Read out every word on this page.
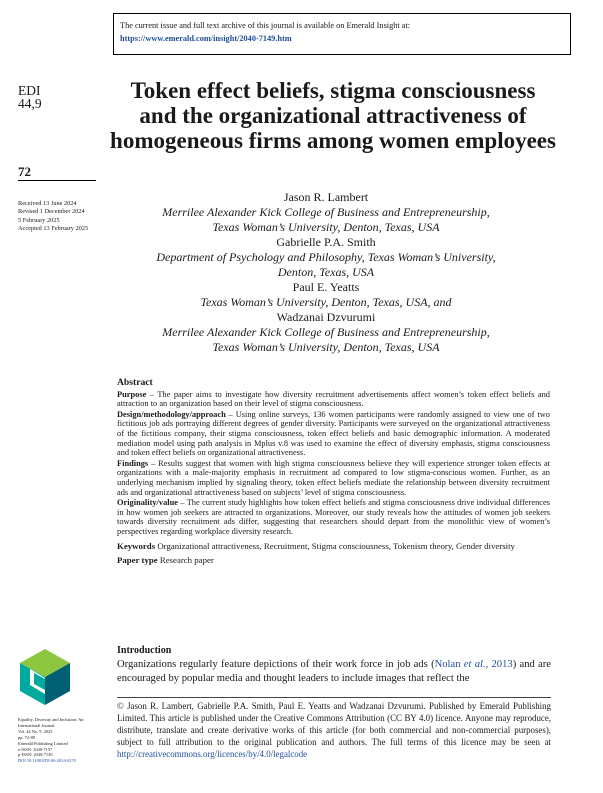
The current issue and full text archive of this journal is available on Emerald Insight at:
https://www.emerald.com/insight/2040-7149.htm
EDI
44,9
72
Received 13 June 2024
Revised 1 December 2024
5 February 2025
Accepted 13 February 2025
Token effect beliefs, stigma consciousness and the organizational attractiveness of homogeneous firms among women employees
Jason R. Lambert
Merrilee Alexander Kick College of Business and Entrepreneurship,
Texas Woman’s University, Denton, Texas, USA
Gabrielle P.A. Smith
Department of Psychology and Philosophy, Texas Woman’s University,
Denton, Texas, USA
Paul E. Yeatts
Texas Woman’s University, Denton, Texas, USA, and
Wadzanai Dzvurumi
Merrilee Alexander Kick College of Business and Entrepreneurship,
Texas Woman’s University, Denton, Texas, USA
Abstract

Purpose – The paper aims to investigate how diversity recruitment advertisements affect women’s token effect beliefs and attraction to an organization based on their level of stigma consciousness.

Design/methodology/approach – Using online surveys, 136 women participants were randomly assigned to view one of two fictitious job ads portraying different degrees of gender diversity. Participants were surveyed on the organizational attractiveness of the fictitious company, their stigma consciousness, token effect beliefs and basic demographic information. A moderated mediation model using path analysis in Mplus v.8 was used to examine the effect of diversity emphasis, stigma consciousness and token effect beliefs on organizational attractiveness.

Findings – Results suggest that women with high stigma consciousness believe they will experience stronger token effects at organizations with a male-majority emphasis in recruitment ad compared to low stigma-conscious women. Further, as an underlying mechanism implied by signaling theory, token effect beliefs mediate the relationship between diversity recruitment ads and organizational attractiveness based on subjects’ level of stigma consciousness.

Originality/value – The current study highlights how token effect beliefs and stigma consciousness drive individual differences in how women job seekers are attracted to organizations. Moreover, our study reveals how the attitudes of women job seekers towards diversity recruitment ads differ, suggesting that researchers should depart from the monolithic view of women’s perspectives regarding workplace diversity research.

Keywords Organizational attractiveness, Recruitment, Stigma consciousness, Tokenism theory, Gender diversity

Paper type Research paper

Introduction
Organizations regularly feature depictions of their work force in job ads (Nolan et al., 2013) and are encouraged by popular media and thought leaders to include images that reflect the
© Jason R. Lambert, Gabrielle P.A. Smith, Paul E. Yeatts and Wadzanai Dzvurumi. Published by Emerald Publishing Limited. This article is published under the Creative Commons Attribution (CC BY 4.0) licence. Anyone may reproduce, distribute, translate and create derivative works of this article (for both commercial and non-commercial purposes), subject to full attribution to the original publication and authors. The full terms of this licence may be seen at http://creativecommons.org/licences/by/4.0/legalcode
Equality, Diversity and Inclusion: An
International Journal
Vol. 44 No. 9, 2025
pp. 72-88
Emerald Publishing Limited
e-ISSN: 2040-7157
p-ISSN: 2040-7149
DOI 10.1108/EDI-06-2024-0270
